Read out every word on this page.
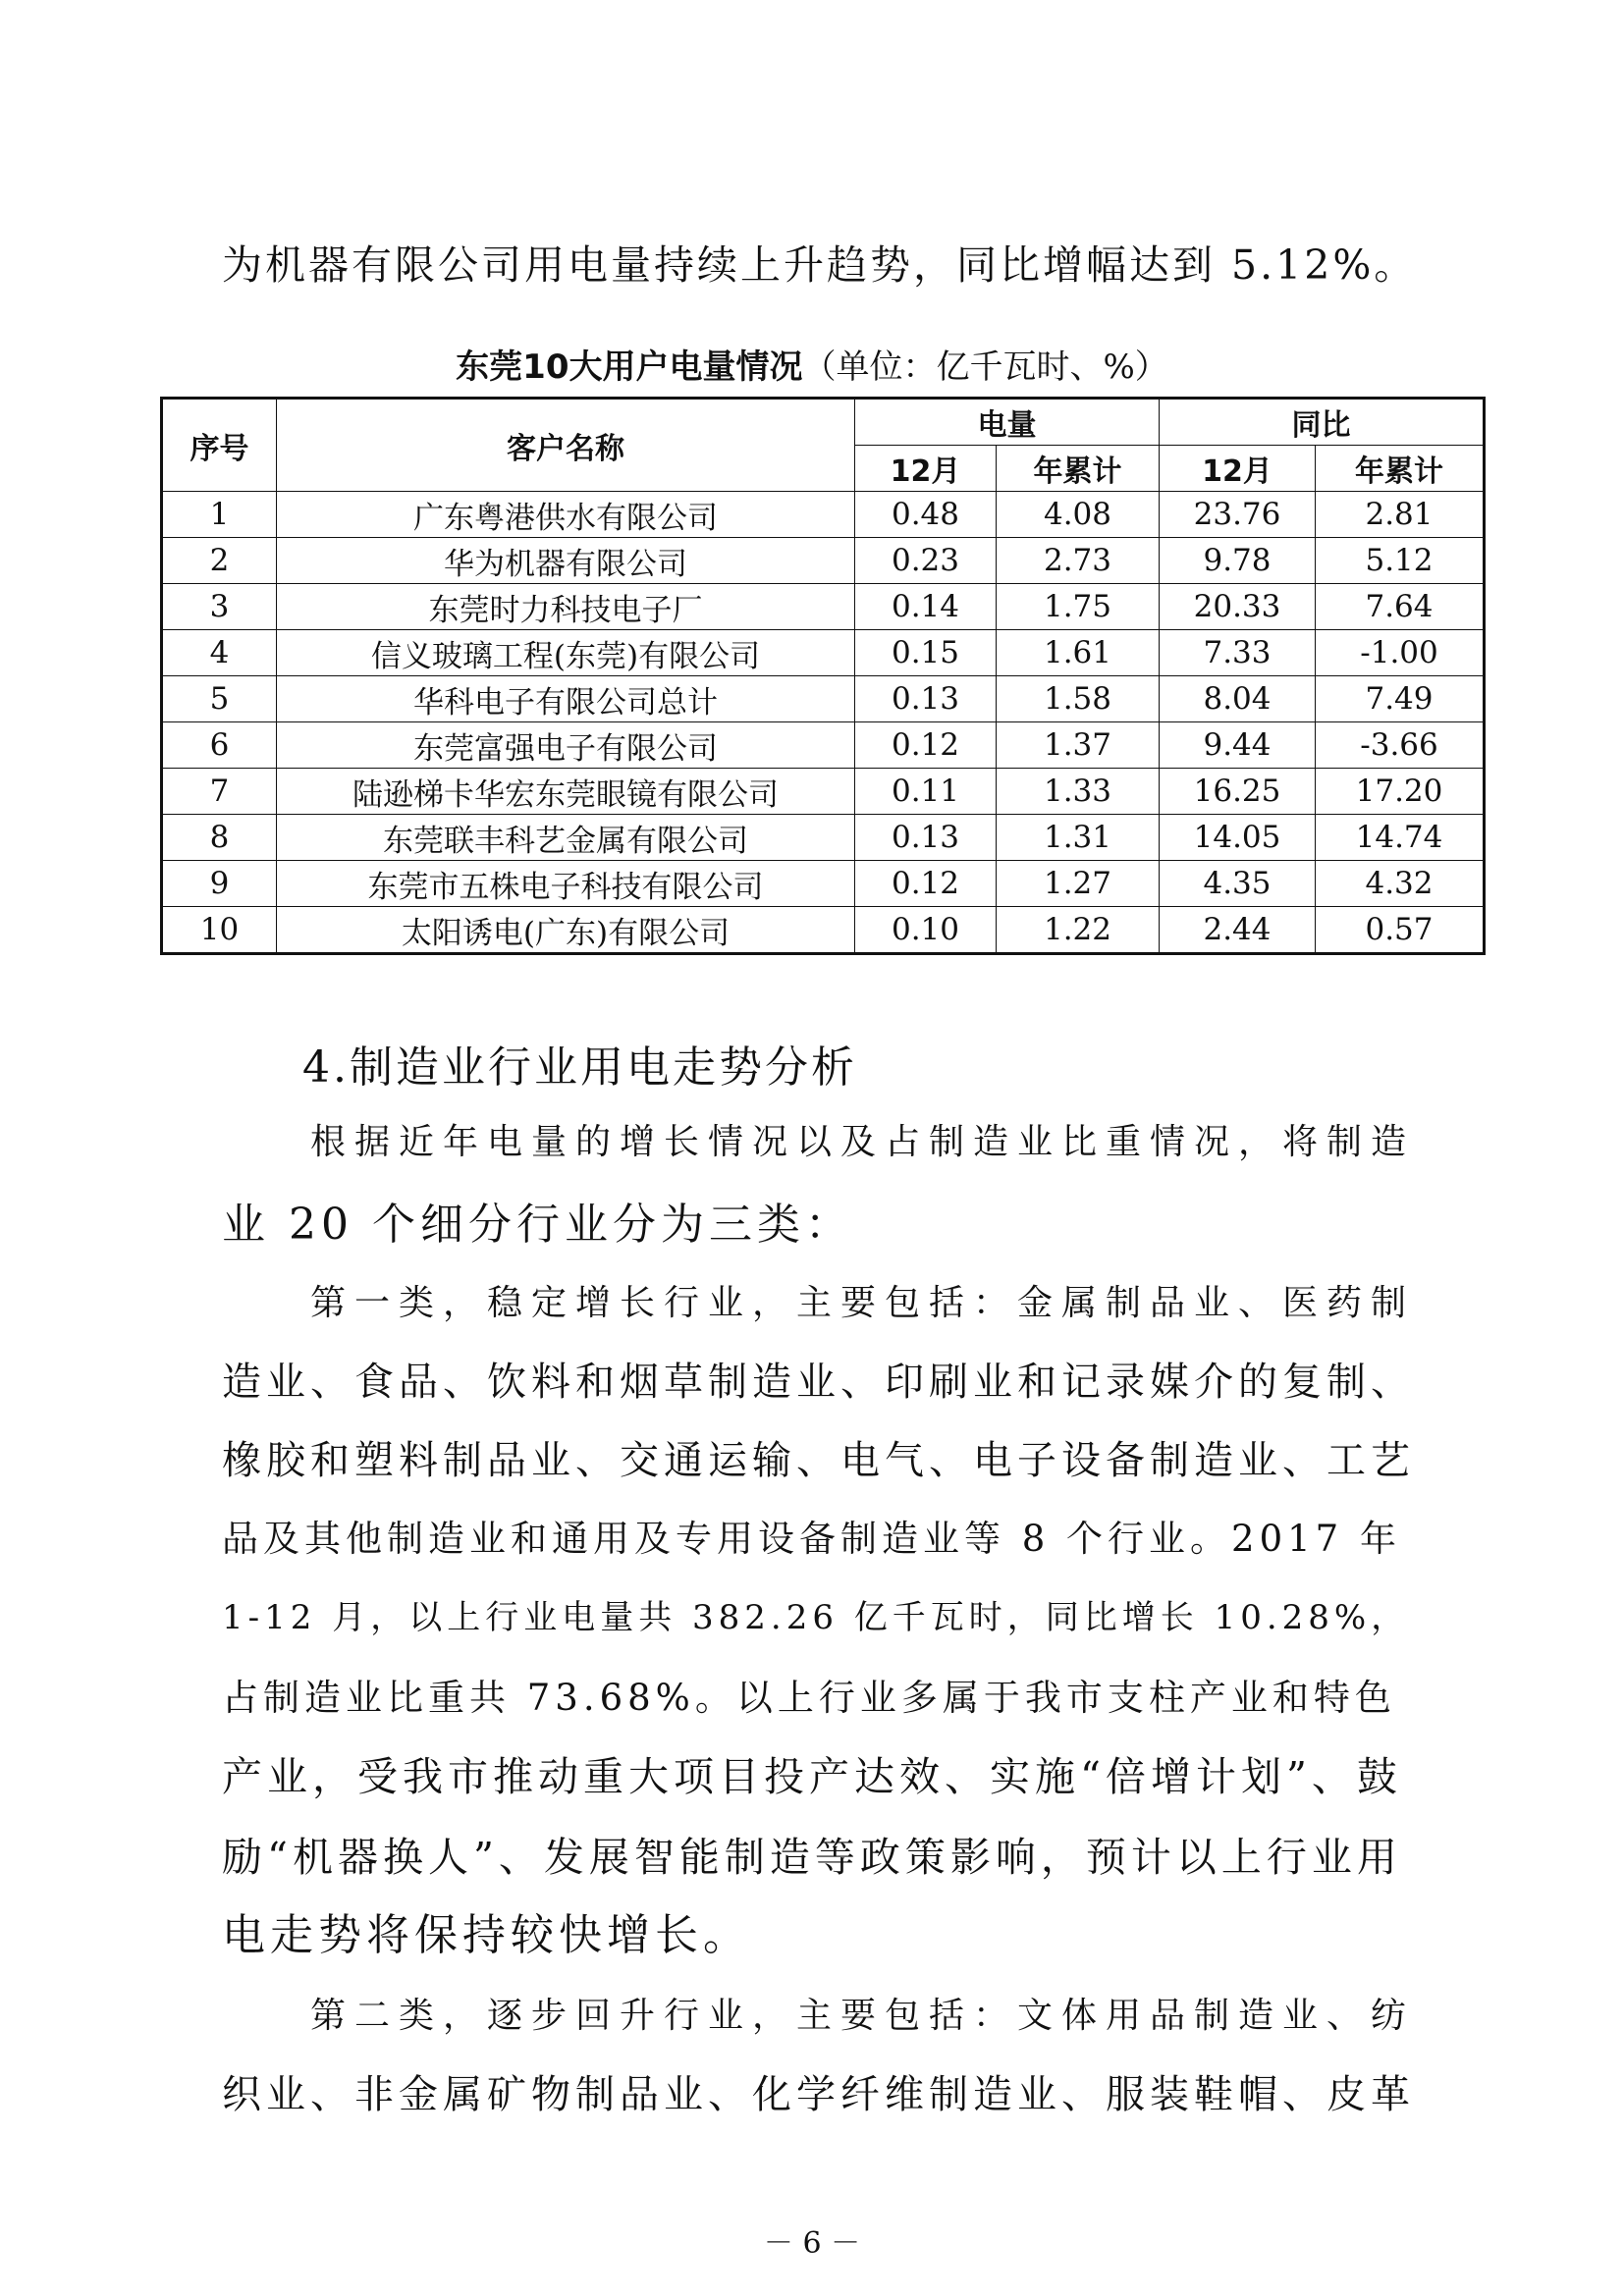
为机器有限公司用电量持续上升趋势，同比增幅达到 5.12%。
东莞10大用户电量情况（单位：亿千瓦时、%）
序号	客户名称	电量		同比	
		12月	年累计	12月	年累计
1	广东粤港供水有限公司	0.48	4.08	23.76	2.81
2	华为机器有限公司	0.23	2.73	9.78	5.12
3	东莞时力科技电子厂	0.14	1.75	20.33	7.64
4	信义玻璃工程(东莞)有限公司	0.15	1.61	7.33	-1.00
5	华科电子有限公司总计	0.13	1.58	8.04	7.49
6	东莞富强电子有限公司	0.12	1.37	9.44	-3.66
7	陆逊梯卡华宏东莞眼镜有限公司	0.11	1.33	16.25	17.20
8	东莞联丰科艺金属有限公司	0.13	1.31	14.05	14.74
9	东莞市五株电子科技有限公司	0.12	1.27	4.35	4.32
10	太阳诱电(广东)有限公司	0.10	1.22	2.44	0.57
4.制造业行业用电走势分析
根据近年电量的增长情况以及占制造业比重情况，将制造
业 20 个细分行业分为三类：
第一类，稳定增长行业，主要包括：金属制品业、医药制
造业、食品、饮料和烟草制造业、印刷业和记录媒介的复制、
橡胶和塑料制品业、交通运输、电气、电子设备制造业、工艺
品及其他制造业和通用及专用设备制造业等 8 个行业。2017 年
1-12 月，以上行业电量共 382.26 亿千瓦时，同比增长 10.28%，
占制造业比重共 73.68%。以上行业多属于我市支柱产业和特色
产业，受我市推动重大项目投产达效、实施“倍增计划”、鼓
励“机器换人”、发展智能制造等政策影响，预计以上行业用
电走势将保持较快增长。
第二类，逐步回升行业，主要包括：文体用品制造业、纺
织业、非金属矿物制品业、化学纤维制造业、服装鞋帽、皮革
－ 6 －
